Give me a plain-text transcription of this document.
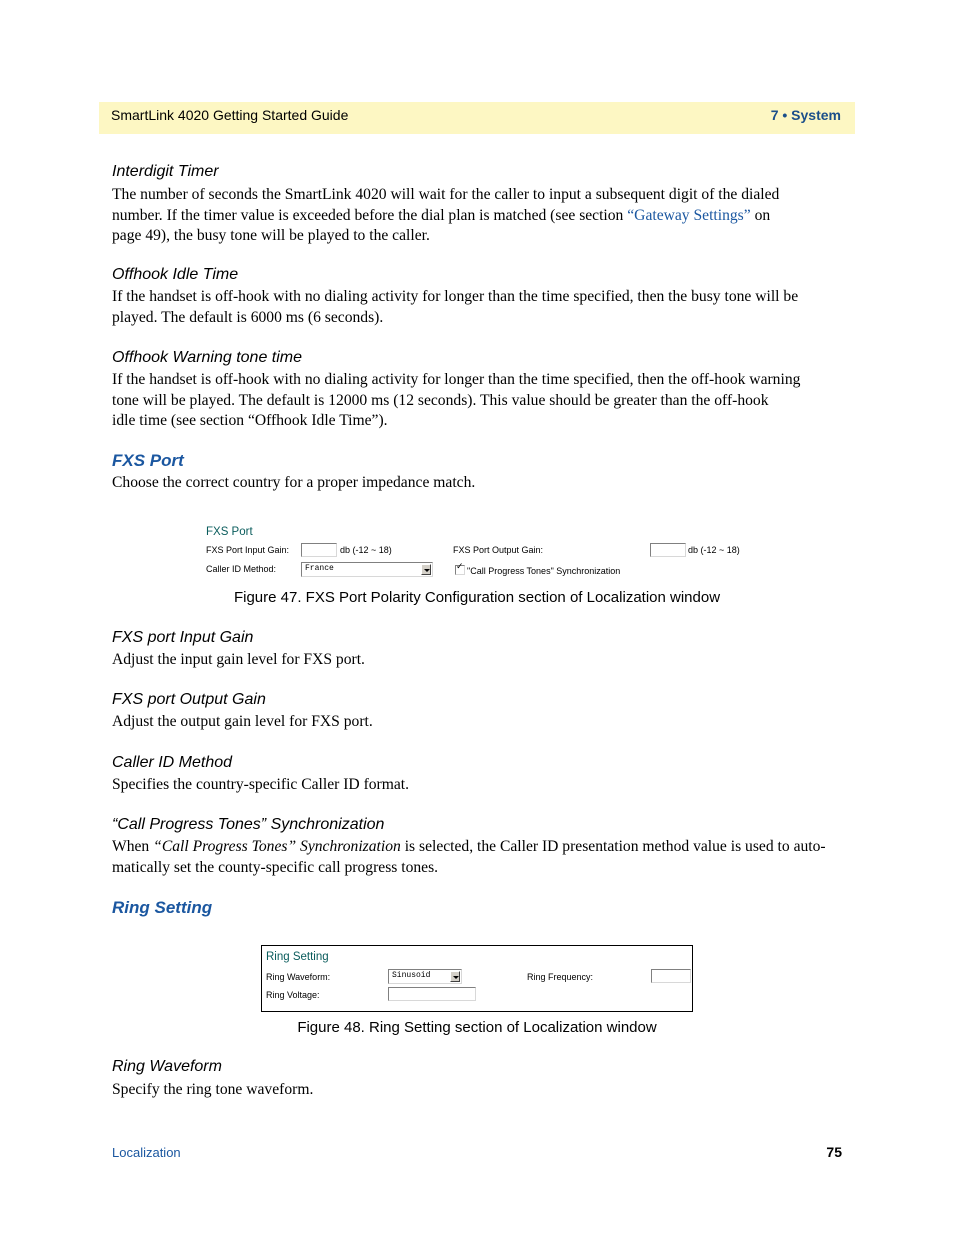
SmartLink 4020 Getting Started Guide	7 • System
Interdigit Timer
The number of seconds the SmartLink 4020 will wait for the caller to input a subsequent digit of the dialed
number. If the timer value is exceeded before the dial plan is matched (see section “Gateway Settings” on
page 49), the busy tone will be played to the caller.
Offhook Idle Time
If the handset is off-hook with no dialing activity for longer than the time specified, then the busy tone will be
played. The default is 6000 ms (6 seconds).
Offhook Warning tone time
If the handset is off-hook with no dialing activity for longer than the time specified, then the off-hook warning
tone will be played. The default is 12000 ms (12 seconds). This value should be greater than the off-hook
idle time (see section “Offhook Idle Time”).
FXS Port
Choose the correct country for a proper impedance match.
FXS Port
FXS Port Input Gain:	db (-12 ~ 18)	FXS Port Output Gain:	db (-12 ~ 18)
Caller ID Method:	France	✓ "Call Progress Tones" Synchronization
Figure 47. FXS Port Polarity Configuration section of Localization window
FXS port Input Gain
Adjust the input gain level for FXS port.
FXS port Output Gain
Adjust the output gain level for FXS port.
Caller ID Method
Specifies the country-specific Caller ID format.
“Call Progress Tones” Synchronization
When “Call Progress Tones” Synchronization is selected, the Caller ID presentation method value is used to auto-
matically set the county-specific call progress tones.
Ring Setting
Ring Setting
Ring Waveform:	Sinusoid	Ring Frequency:
Ring Voltage:
Figure 48. Ring Setting section of Localization window
Ring Waveform
Specify the ring tone waveform.
Localization	75
